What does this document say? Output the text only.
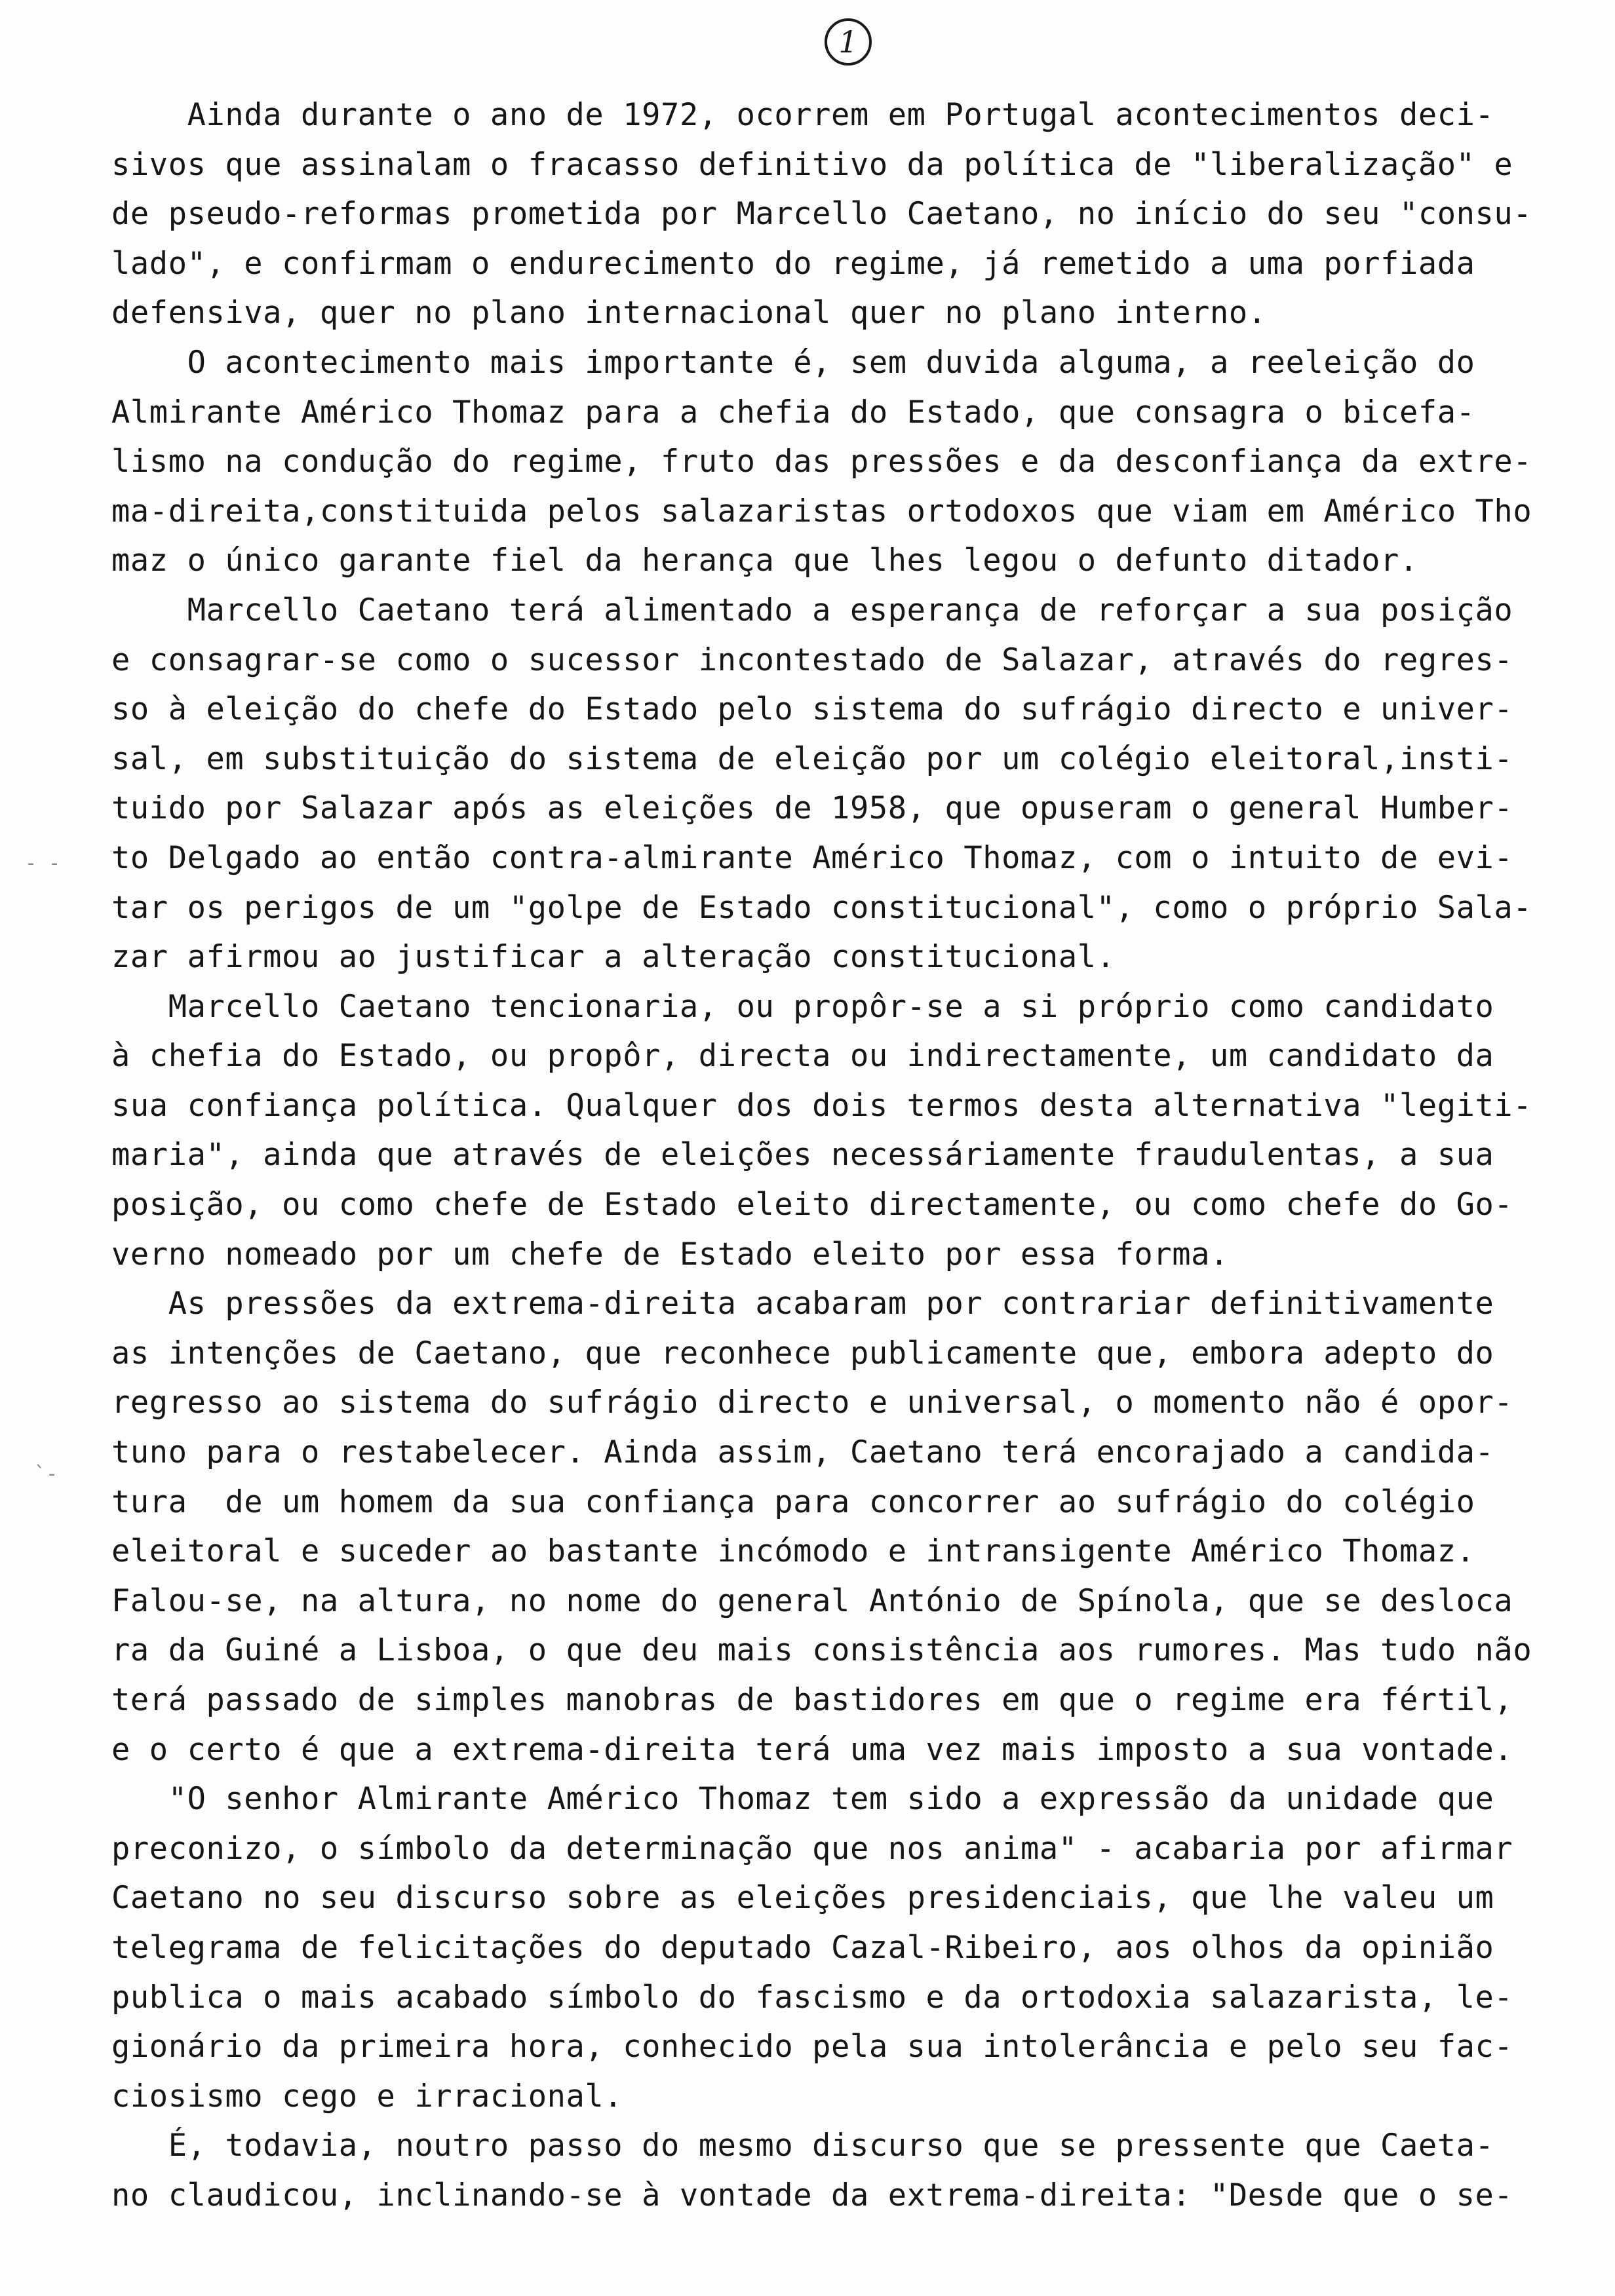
1
- -
`-
Ainda durante o ano de 1972, ocorrem em Portugal acontecimentos deci-
sivos que assinalam o fracasso definitivo da política de "liberalização" e
de pseudo-reformas prometida por Marcello Caetano, no início do seu "consu-
lado", e confirmam o endurecimento do regime, já remetido a uma porfiada
defensiva, quer no plano internacional quer no plano interno.
O acontecimento mais importante é, sem duvida alguma, a reeleição do
Almirante Américo Thomaz para a chefia do Estado, que consagra o bicefa-
lismo na condução do regime, fruto das pressões e da desconfiança da extre-
ma-direita,constituida pelos salazaristas ortodoxos que viam em Américo Tho
maz o único garante fiel da herança que lhes legou o defunto ditador.
Marcello Caetano terá alimentado a esperança de reforçar a sua posição
e consagrar-se como o sucessor incontestado de Salazar, através do regres-
so à eleição do chefe do Estado pelo sistema do sufrágio directo e univer-
sal, em substituição do sistema de eleição por um colégio eleitoral,insti-
tuido por Salazar após as eleições de 1958, que opuseram o general Humber-
to Delgado ao então contra-almirante Américo Thomaz, com o intuito de evi-
tar os perigos de um "golpe de Estado constitucional", como o próprio Sala-
zar afirmou ao justificar a alteração constitucional.
Marcello Caetano tencionaria, ou propôr-se a si próprio como candidato
à chefia do Estado, ou propôr, directa ou indirectamente, um candidato da
sua confiança política. Qualquer dos dois termos desta alternativa "legiti-
maria", ainda que através de eleições necessáriamente fraudulentas, a sua
posição, ou como chefe de Estado eleito directamente, ou como chefe do Go-
verno nomeado por um chefe de Estado eleito por essa forma.
As pressões da extrema-direita acabaram por contrariar definitivamente
as intenções de Caetano, que reconhece publicamente que, embora adepto do
regresso ao sistema do sufrágio directo e universal, o momento não é opor-
tuno para o restabelecer. Ainda assim, Caetano terá encorajado a candida-
tura  de um homem da sua confiança para concorrer ao sufrágio do colégio
eleitoral e suceder ao bastante incómodo e intransigente Américo Thomaz.
Falou-se, na altura, no nome do general António de Spínola, que se desloca
ra da Guiné a Lisboa, o que deu mais consistência aos rumores. Mas tudo não
terá passado de simples manobras de bastidores em que o regime era fértil,
e o certo é que a extrema-direita terá uma vez mais imposto a sua vontade.
"O senhor Almirante Américo Thomaz tem sido a expressão da unidade que
preconizo, o símbolo da determinação que nos anima" - acabaria por afirmar
Caetano no seu discurso sobre as eleições presidenciais, que lhe valeu um
telegrama de felicitações do deputado Cazal-Ribeiro, aos olhos da opinião
publica o mais acabado símbolo do fascismo e da ortodoxia salazarista, le-
gionário da primeira hora, conhecido pela sua intolerância e pelo seu fac-
ciosismo cego e irracional.
É, todavia, noutro passo do mesmo discurso que se pressente que Caeta-
no claudicou, inclinando-se à vontade da extrema-direita: "Desde que o se-
